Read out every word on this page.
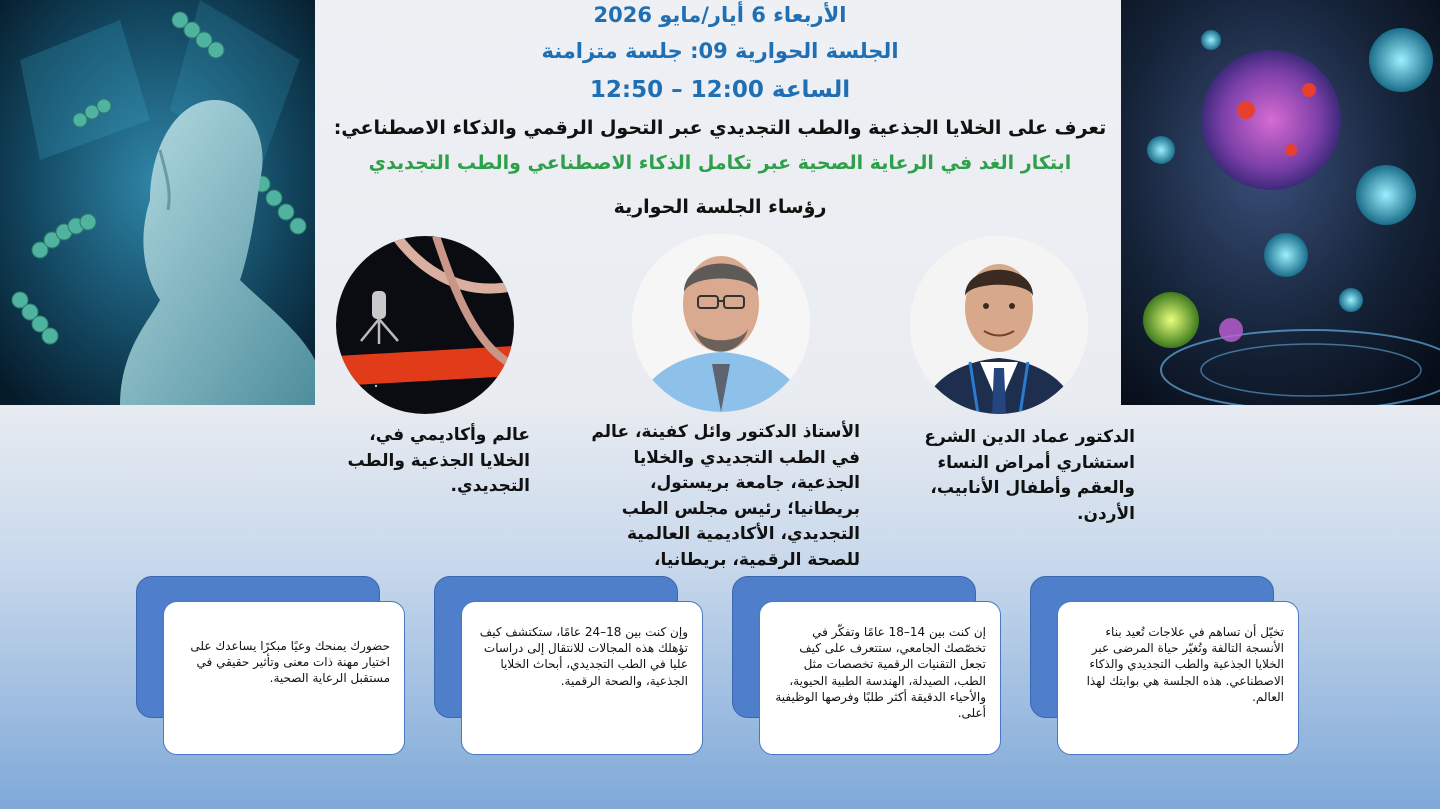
الأربعاء 6 أيار/مايو 2026
الجلسة الحوارية 09: جلسة متزامنة
الساعة 12:00 – 12:50
تعرف على الخلايا الجذعية والطب التجديدي عبر التحول الرقمي والذكاء الاصطناعي:
ابتكار الغد في الرعاية الصحية عبر تكامل الذكاء الاصطناعي والطب التجديدي
رؤساء الجلسة الحوارية
الدكتور عماد الدين الشرع استشاري أمراض النساء والعقم وأطفال الأنابيب، الأردن.
الأستاذ الدكتور وائل كفينة، عالم في الطب التجديدي والخلايا الجذعية، جامعة بريستول، بريطانيا؛ رئيس مجلس الطب التجديدي، الأكاديمية العالمية للصحة الرقمية، بريطانيا،
عالم وأكاديمي في، الخلايا الجذعية والطب التجديدي.
تخيّل أن تساهم في علاجات تُعيد بناء الأنسجة التالفة وتُغيّر حياة المرضى عبر الخلايا الجذعية والطب التجديدي والذكاء الاصطناعي. هذه الجلسة هي بوابتك لهذا العالم.
إن كنت بين 14–18 عامًا وتفكّر في تخصّصك الجامعي، ستتعرف على كيف تجعل التقنيات الرقمية تخصصات مثل الطب، الصيدلة، الهندسة الطبية الحيوية، والأحياء الدقيقة أكثر طلبًا وفرصها الوظيفية أعلى.
وإن كنت بين 18–24 عامًا، ستكتشف كيف تؤهلك هذه المجالات للانتقال إلى دراسات عليا في الطب التجديدي، أبحاث الخلايا الجذعية، والصحة الرقمية.
حضورك يمنحك وعيًا مبكرًا يساعدك على اختيار مهنة ذات معنى وتأثير حقيقي في مستقبل الرعاية الصحية.
